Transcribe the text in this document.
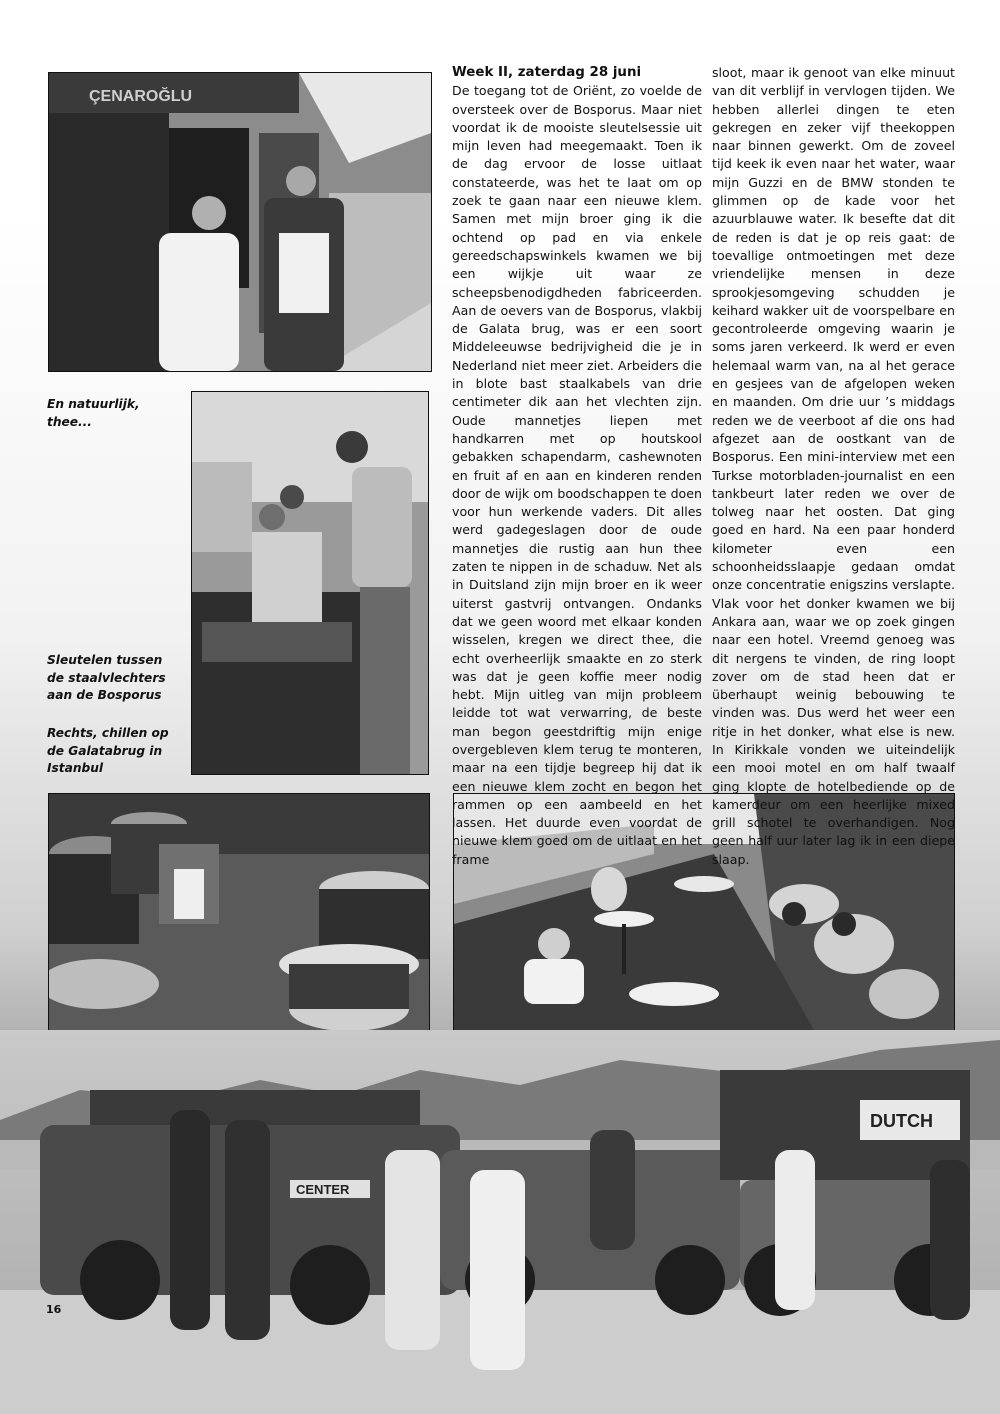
ÇENAROĞLU
CENTER
DUTCH
Week II, zaterdag 28 juni
De toegang tot de Oriënt, zo voelde de oversteek over de Bosporus. Maar niet voordat ik de mooiste sleutelsessie uit mijn leven had meegemaakt. Toen ik de dag ervoor de losse uitlaat constateerde, was het te laat om op zoek te gaan naar een nieuwe klem. Samen met mijn broer ging ik die ochtend op pad en via enkele gereedschapswinkels kwamen we bij een wijkje uit waar ze scheepsbenodigdheden fabriceerden. Aan de oevers van de Bosporus, vlakbij de Galata brug, was er een soort Middeleeuwse bedrijvigheid die je in Nederland niet meer ziet. Arbeiders die in blote bast staalkabels van drie centimeter dik aan het vlechten zijn. Oude mannetjes liepen met handkarren met op houtskool gebakken schapendarm, cashewnoten en fruit af en aan en kinderen renden door de wijk om boodschappen te doen voor hun werkende vaders. Dit alles werd gadegeslagen door de oude mannetjes die rustig aan hun thee zaten te nippen in de schaduw. Net als in Duitsland zijn mijn broer en ik weer uiterst gastvrij ontvangen. Ondanks dat we geen woord met elkaar konden wisselen, kregen we direct thee, die echt overheerlijk smaakte en zo sterk was dat je geen koffie meer nodig hebt. Mijn uitleg van mijn probleem leidde tot wat verwarring, de beste man begon geestdriftig mijn enige overgebleven klem terug te monteren, maar na een tijdje begreep hij dat ik een nieuwe klem zocht en begon het rammen op een aambeeld en het lassen. Het duurde even voordat de nieuwe klem goed om de uitlaat en het frame
sloot, maar ik genoot van elke minuut van dit verblijf in vervlogen tijden. We hebben allerlei dingen te eten gekregen en zeker vijf theekoppen naar binnen gewerkt. Om de zoveel tijd keek ik even naar het water, waar mijn Guzzi en de BMW stonden te glimmen op de kade voor het azuurblauwe water. Ik besefte dat dit de reden is dat je op reis gaat: de toevallige ontmoetingen met deze vriendelijke mensen in deze sprookjesomgeving schudden je keihard wakker uit de voorspelbare en gecontroleerde omgeving waarin je soms jaren verkeerd. Ik werd er even helemaal warm van, na al het gerace en gesjees van de afgelopen weken en maanden. Om drie uur ’s middags reden we de veerboot af die ons had afgezet aan de oostkant van de Bosporus. Een mini-interview met een Turkse motorbladen-journalist en een tankbeurt later reden we over de tolweg naar het oosten. Dat ging goed en hard. Na een paar honderd kilometer even een schoonheidsslaapje gedaan omdat onze concentratie enigszins verslapte. Vlak voor het donker kwamen we bij Ankara aan, waar we op zoek gingen naar een hotel. Vreemd genoeg was dit nergens te vinden, de ring loopt zover om de stad heen dat er überhaupt weinig bebouwing te vinden was. Dus werd het weer een ritje in het donker, what else is new. In Kirikkale vonden we uiteindelijk een mooi motel en om half twaalf ging klopte de hotelbediende op de kamerdeur om een heerlijke mixed grill schotel te overhandigen. Nog geen half uur later lag ik in een diepe slaap.
En natuurlijk, thee...
Sleutelen tussen de staalvlechters aan de Bosporus
Rechts, chillen op de Galatabrug in Istanbul
16
